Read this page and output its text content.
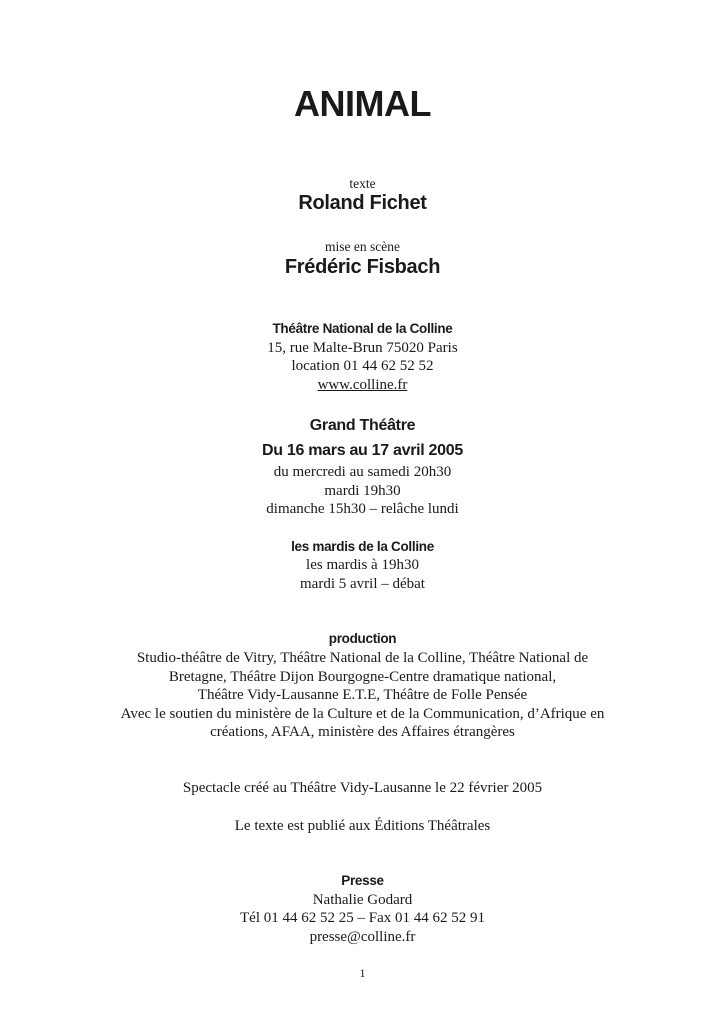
ANIMAL
texte
Roland Fichet
mise en scène
Frédéric Fisbach
Théâtre National de la Colline
15, rue Malte-Brun 75020 Paris
location 01 44 62 52 52
www.colline.fr
Grand Théâtre
Du 16 mars au 17 avril 2005
du mercredi au samedi 20h30
mardi 19h30
dimanche 15h30 – relâche lundi
les mardis de la Colline
les mardis à 19h30
mardi 5 avril – débat
production
Studio-théâtre de Vitry, Théâtre National de la Colline, Théâtre National de
Bretagne, Théâtre Dijon Bourgogne-Centre dramatique national,
Théâtre Vidy-Lausanne E.T.E, Théâtre de Folle Pensée
Avec le soutien du ministère de la Culture et de la Communication, d’Afrique en
créations, AFAA, ministère des Affaires étrangères
Spectacle créé au Théâtre Vidy-Lausanne le 22 février 2005
Le texte est publié aux Éditions Théâtrales
Presse
Nathalie Godard
Tél 01 44 62 52 25 – Fax 01 44 62 52 91
presse@colline.fr
1
